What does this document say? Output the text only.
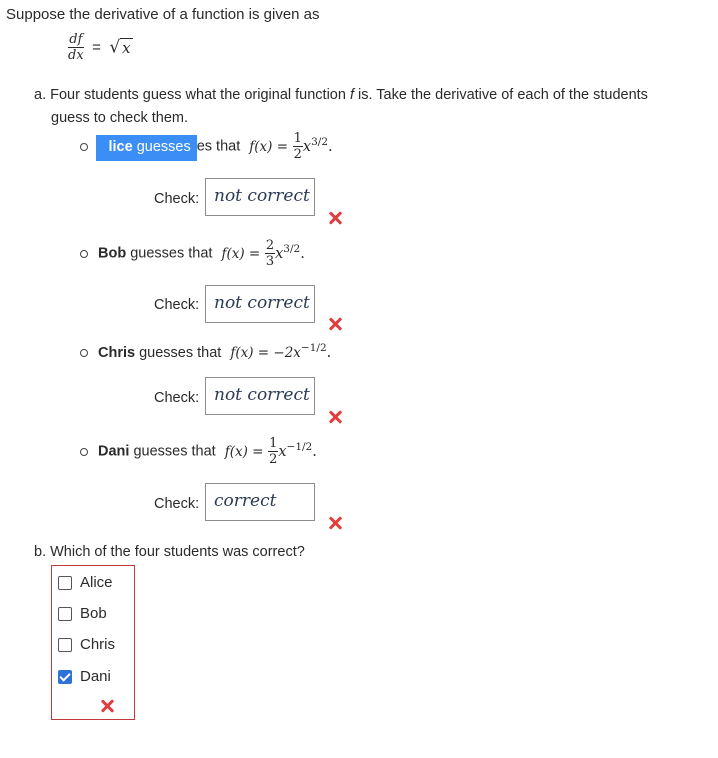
Suppose the derivative of a function is given as
$\frac{df}{dx}$ = √ x
a. Four students guess what the original function f is. Take the derivative of each of the students
guess to check them.
lice guesses es that $f(x) = \frac{1}{2} x^{3/2}$.
Check: not correct
Bob guesses that $f(x) = \frac{2}{3} x^{3/2}$.
Check: not correct
Chris guesses that $f(x) = -2x^{-1/2}$.
Check: not correct
Dani guesses that $f(x) = \frac{1}{2} x^{-1/2}$.
Check: correct
b. Which of the four students was correct?
Alice
Bob
Chris
Dani
